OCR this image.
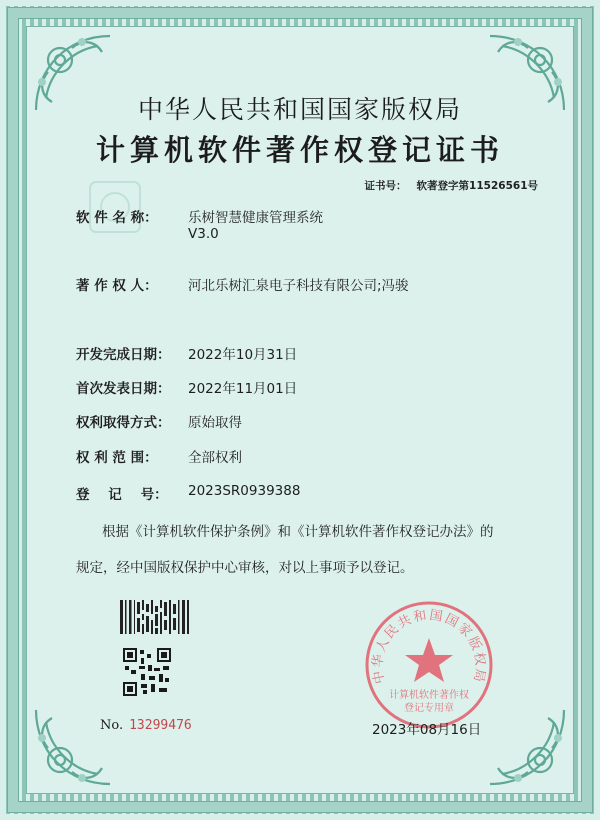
中华人民共和国国家版权局
计算机软件著作权登记证书
证书号： 软著登字第11526561号
软 件 名 称： 乐树智慧健康管理系统
V3.0
著 作 权 人： 河北乐树汇泉电子科技有限公司;冯骏
开发完成日期： 2022年10月31日
首次发表日期： 2022年11月01日
权利取得方式： 原始取得
权 利 范 围： 全部权利
登    记    号： 2023SR0939388
根据《计算机软件保护条例》和《计算机软件著作权登记办法》的
规定，经中国版权保护中心审核，对以上事项予以登记。
中华人民共和国国家版权局
计算机软件著作权
登记专用章
No. 13299476	2023年08月16日
